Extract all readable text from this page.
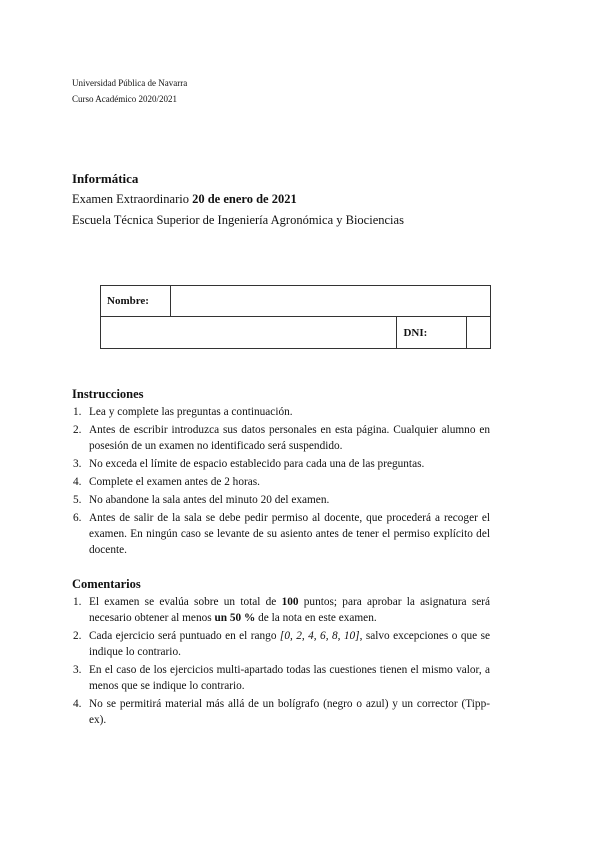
Universidad Pública de Navarra
Curso Académico 2020/2021
Informática
Examen Extraordinario 20 de enero de 2021
Escuela Técnica Superior de Ingeniería Agronómica y Biociencias
Nombre:			
		DNI:	
Instrucciones
1. Lea y complete las preguntas a continuación.
2. Antes de escribir introduzca sus datos personales en esta página. Cualquier alumno en posesión de un examen no identificado será suspendido.
3. No exceda el límite de espacio establecido para cada una de las preguntas.
4. Complete el examen antes de 2 horas.
5. No abandone la sala antes del minuto 20 del examen.
6. Antes de salir de la sala se debe pedir permiso al docente, que procederá a recoger el examen. En ningún caso se levante de su asiento antes de tener el permiso explícito del docente.
Comentarios
1. El examen se evalúa sobre un total de 100 puntos; para aprobar la asignatura será necesario obtener al menos un 50 % de la nota en este examen.
2. Cada ejercicio será puntuado en el rango [0, 2, 4, 6, 8, 10], salvo excepciones o que se indique lo contrario.
3. En el caso de los ejercicios multi-apartado todas las cuestiones tienen el mismo valor, a menos que se indique lo contrario.
4. No se permitirá material más allá de un bolígrafo (negro o azul) y un corrector (Tipp-ex).
